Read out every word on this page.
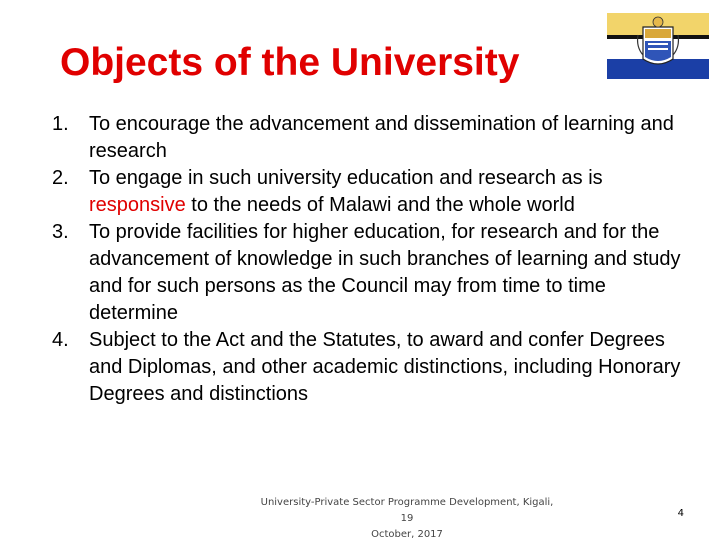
Objects of the University
1. To encourage the advancement and dissemination of learning and research
2. To engage in such university education and research as is responsive to the needs of Malawi and the whole world
3. To provide facilities for higher education, for research and for the advancement of knowledge in such branches of learning and study and for such persons as the Council may from time to time determine
4. Subject to the Act and the Statutes, to award and confer Degrees and Diplomas, and other academic distinctions, including Honorary Degrees and distinctions
University-Private Sector Programme Development, Kigali, 19
October, 2017
4
